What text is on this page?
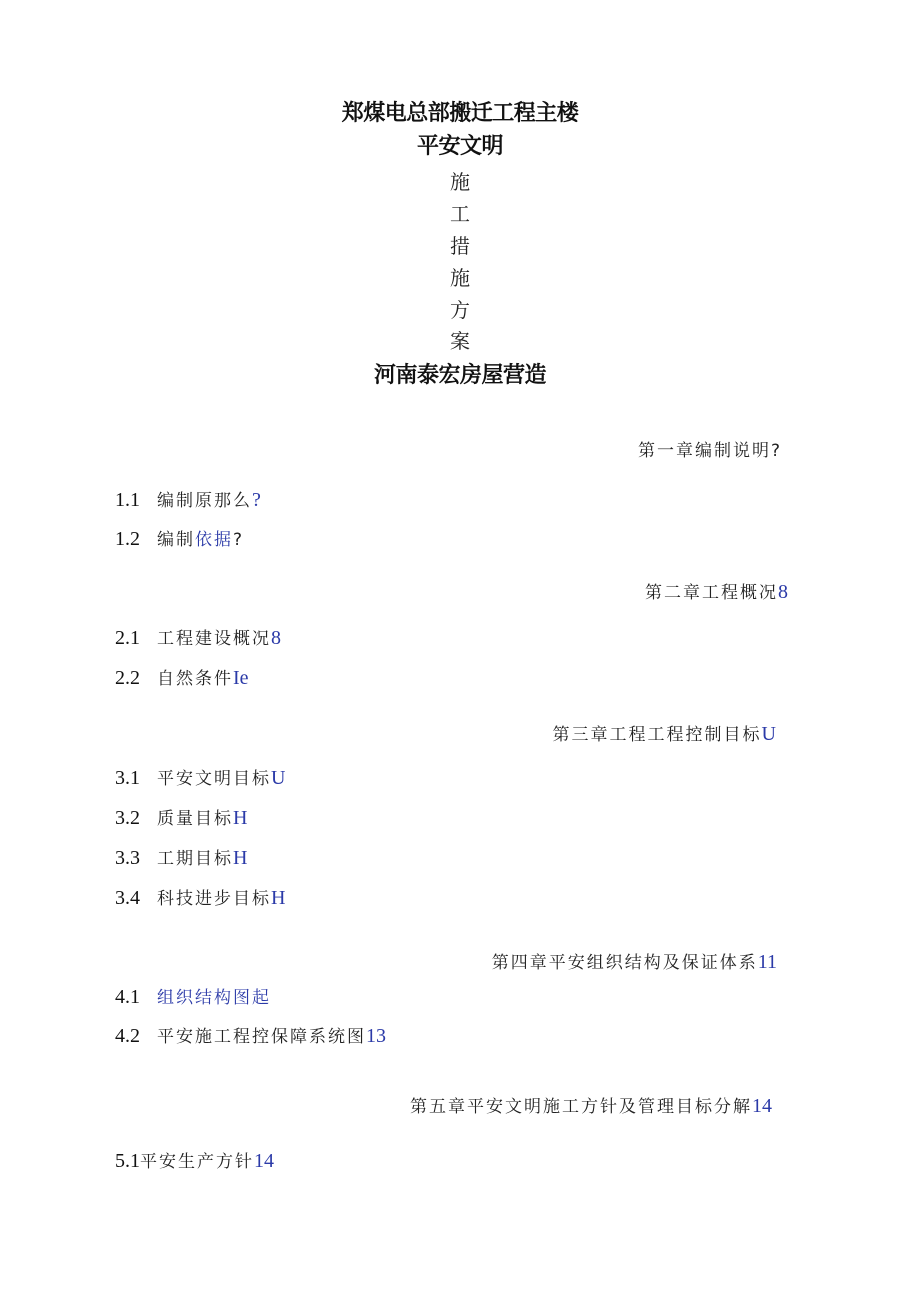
郑煤电总部搬迁工程主楼
平安文明
施
工
措
施
方
案
河南泰宏房屋营造
第一章编制说明?
1.1 编制原那么?
1.2 编制依据?
第二章工程概况8
2.1 工程建设概况8
2.2 自然条件Ie
第三章工程工程控制目标U
3.1 平安文明目标U
3.2 质量目标H
3.3 工期目标H
3.4 科技进步目标H
第四章平安组织结构及保证体系11
4.1 组织结构图起
4.2 平安施工程控保障系统图13
第五章平安文明施工方针及管理目标分解14
5.1平安生产方针14
